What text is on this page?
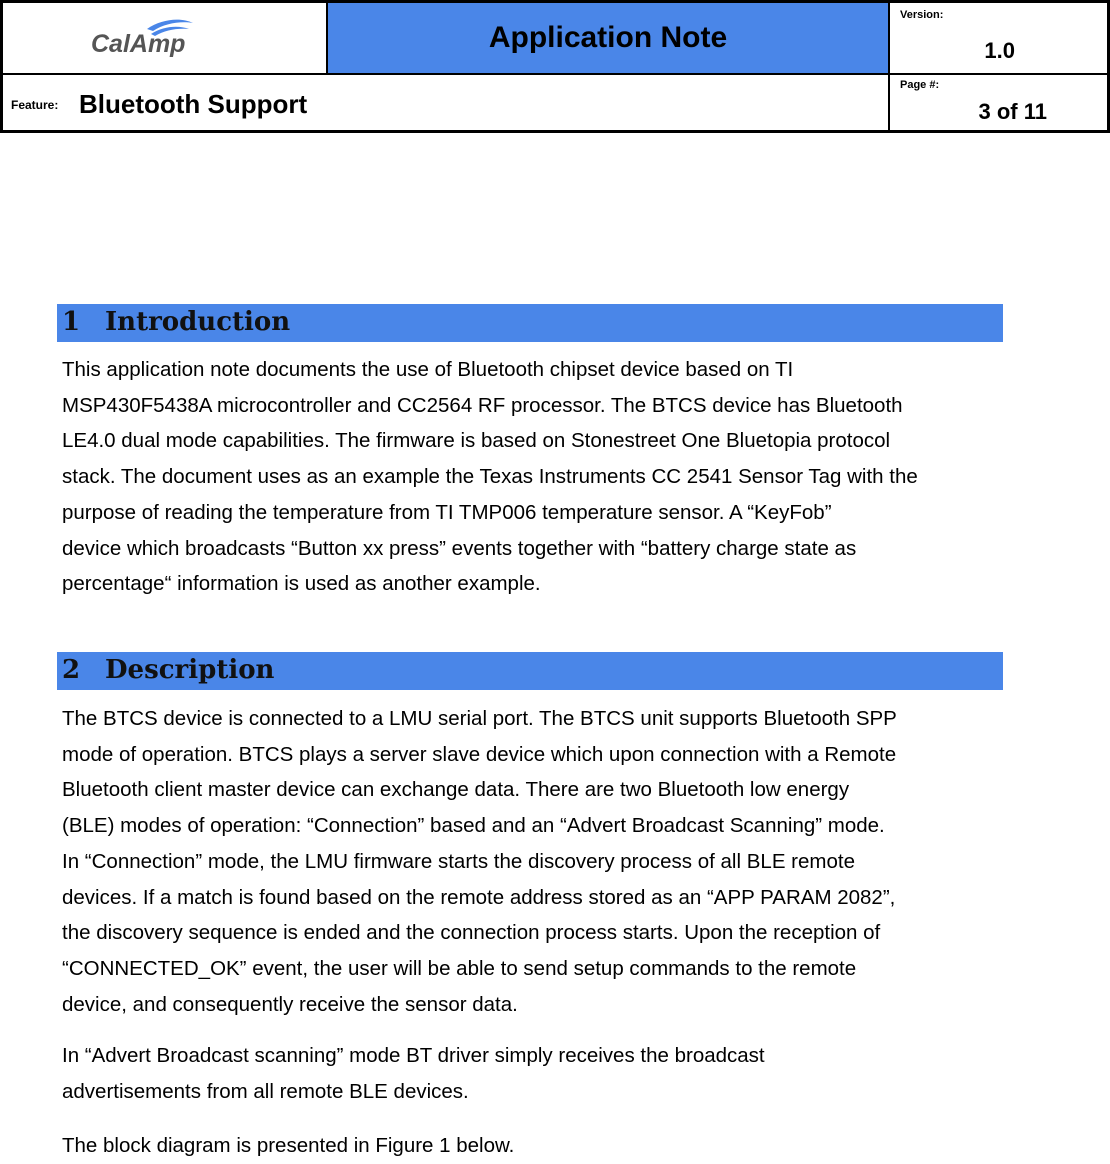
CalAmp	Application Note
Version:
1.0
Feature: Bluetooth Support
Page #:
3 of 11
1 Introduction
This application note documents the use of Bluetooth chipset device based on TI
MSP430F5438A microcontroller and CC2564 RF processor. The BTCS device has Bluetooth
LE4.0 dual mode capabilities. The firmware is based on Stonestreet One Bluetopia protocol
stack. The document uses as an example the Texas Instruments CC 2541 Sensor Tag with the
purpose of reading the temperature from TI TMP006 temperature sensor. A “KeyFob”
device which broadcasts “Button xx press” events together with “battery charge state as
percentage“ information is used as another example.
2 Description
The BTCS device is connected to a LMU serial port. The BTCS unit supports Bluetooth SPP
mode of operation. BTCS plays a server slave device which upon connection with a Remote
Bluetooth client master device can exchange data. There are two Bluetooth low energy
(BLE) modes of operation: “Connection” based and an “Advert Broadcast Scanning” mode.
In “Connection” mode, the LMU firmware starts the discovery process of all BLE remote
devices. If a match is found based on the remote address stored as an “APP PARAM 2082”,
the discovery sequence is ended and the connection process starts. Upon the reception of
“CONNECTED_OK” event, the user will be able to send setup commands to the remote
device, and consequently receive the sensor data.
In “Advert Broadcast scanning” mode BT driver simply receives the broadcast
advertisements from all remote BLE devices.
The block diagram is presented in Figure 1 below.
